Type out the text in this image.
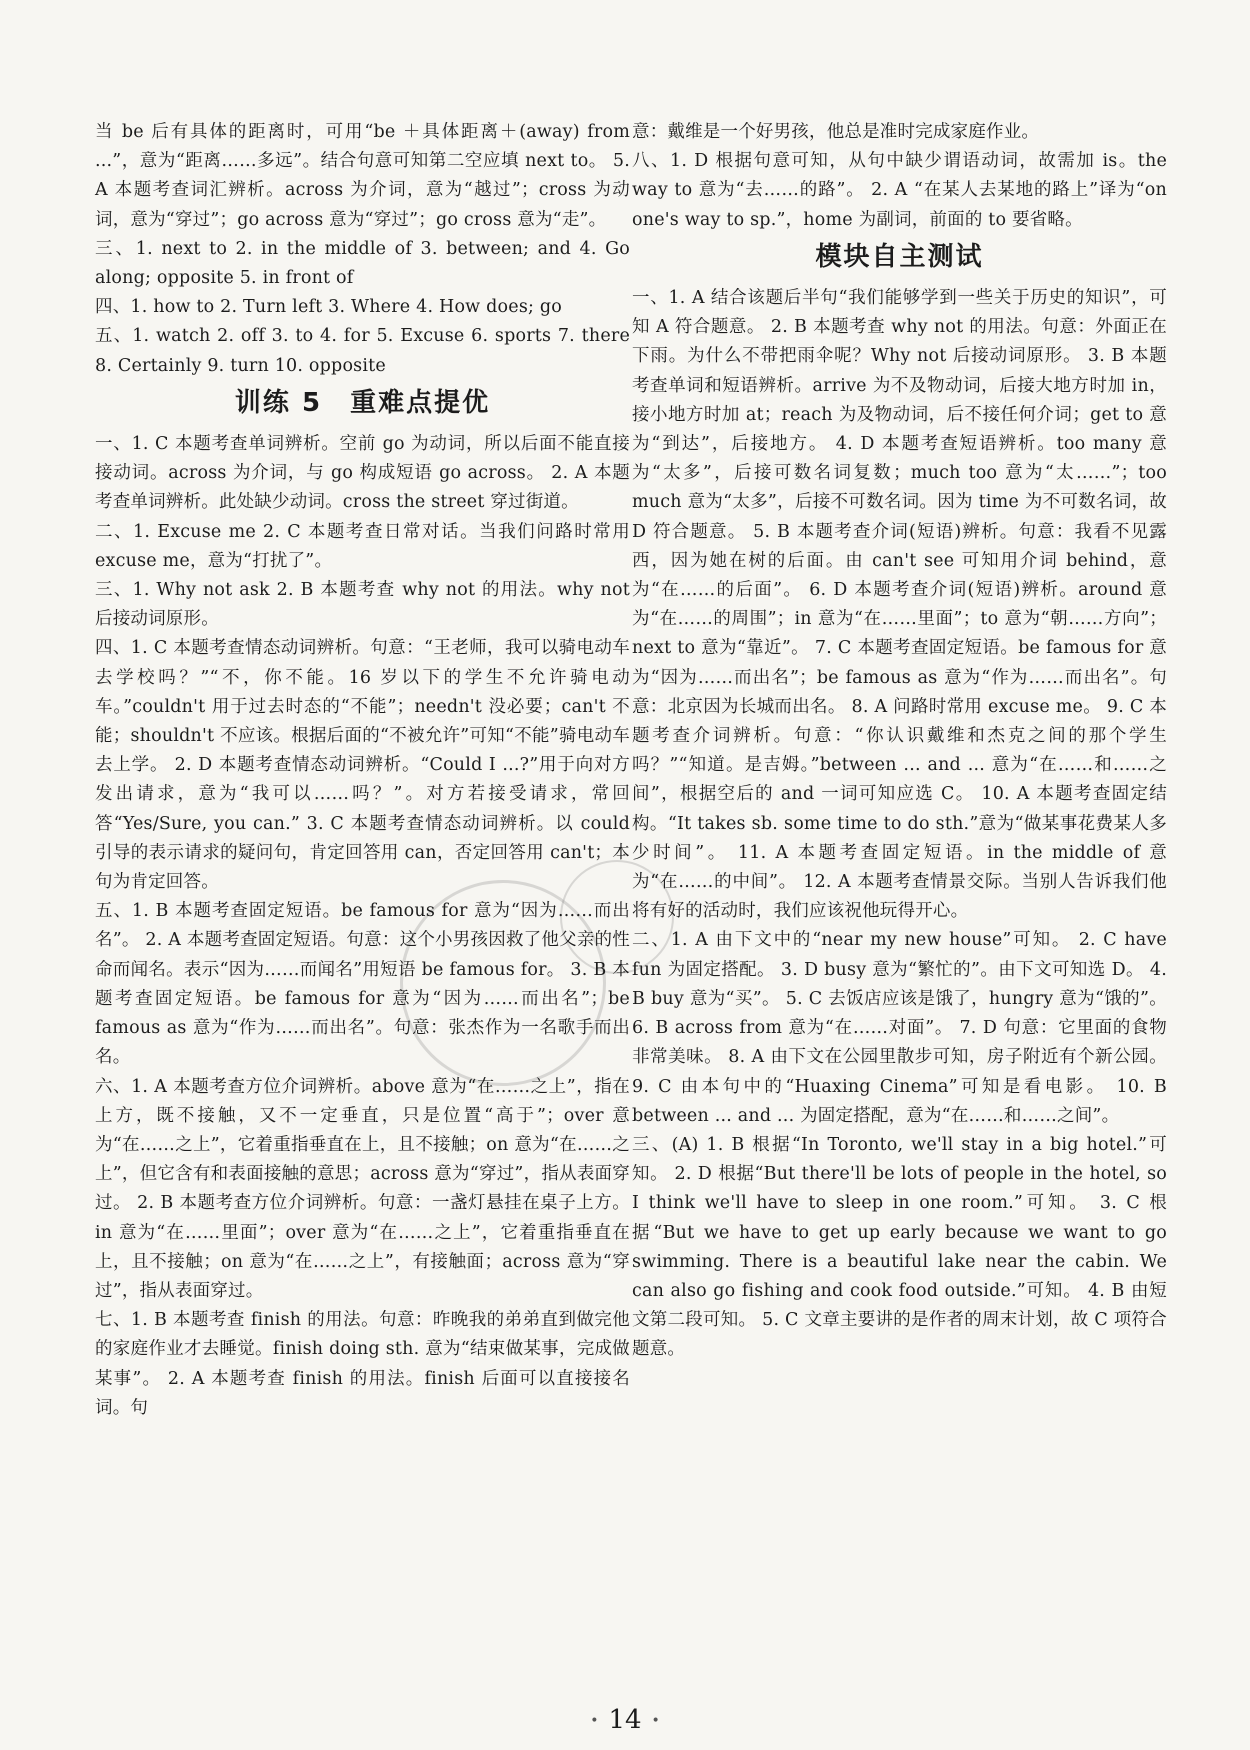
当 be 后有具体的距离时，可用“be ＋具体距离＋(away) from ...”，意为“距离……多远”。结合句意可知第二空应填 next to。 5. A 本题考查词汇辨析。across 为介词，意为“越过”；cross 为动词，意为“穿过”；go across 意为“穿过”；go cross 意为“走”。

三、1. next to 2. in the middle of 3. between; and 4. Go along; opposite 5. in front of

四、1. how to 2. Turn left 3. Where 4. How does; go

五、1. watch 2. off 3. to 4. for 5. Excuse 6. sports 7. there 8. Certainly 9. turn 10. opposite

训练 5　重难点提优

一、1. C 本题考查单词辨析。空前 go 为动词，所以后面不能直接接动词。across 为介词，与 go 构成短语 go across。 2. A 本题考查单词辨析。此处缺少动词。cross the street 穿过街道。

二、1. Excuse me 2. C 本题考查日常对话。当我们问路时常用 excuse me，意为“打扰了”。

三、1. Why not ask 2. B 本题考查 why not 的用法。why not 后接动词原形。

四、1. C 本题考查情态动词辨析。句意：“王老师，我可以骑电动车去学校吗？”“不，你不能。16 岁以下的学生不允许骑电动车。”couldn't 用于过去时态的“不能”；needn't 没必要；can't 不能；shouldn't 不应该。根据后面的“不被允许”可知“不能”骑电动车去上学。 2. D 本题考查情态动词辨析。“Could I ...?”用于向对方发出请求，意为“我可以……吗？”。对方若接受请求，常回答“Yes/Sure, you can.” 3. C 本题考查情态动词辨析。以 could 引导的表示请求的疑问句，肯定回答用 can，否定回答用 can't；本句为肯定回答。

五、1. B 本题考查固定短语。be famous for 意为“因为……而出名”。 2. A 本题考查固定短语。句意：这个小男孩因救了他父亲的性命而闻名。表示“因为……而闻名”用短语 be famous for。 3. B 本题考查固定短语。be famous for 意为“因为……而出名”；be famous as 意为“作为……而出名”。句意：张杰作为一名歌手而出名。

六、1. A 本题考查方位介词辨析。above 意为“在……之上”，指在上方，既不接触，又不一定垂直，只是位置“高于”；over 意为“在……之上”，它着重指垂直在上，且不接触；on 意为“在……之上”，但它含有和表面接触的意思；across 意为“穿过”，指从表面穿过。 2. B 本题考查方位介词辨析。句意：一盏灯悬挂在桌子上方。in 意为“在……里面”；over 意为“在……之上”，它着重指垂直在上，且不接触；on 意为“在……之上”，有接触面；across 意为“穿过”，指从表面穿过。

七、1. B 本题考查 finish 的用法。句意：昨晚我的弟弟直到做完他的家庭作业才去睡觉。finish doing sth. 意为“结束做某事，完成做某事”。 2. A 本题考查 finish 的用法。finish 后面可以直接接名词。句

意：戴维是一个好男孩，他总是准时完成家庭作业。

八、1. D 根据句意可知，从句中缺少谓语动词，故需加 is。the way to 意为“去……的路”。 2. A “在某人去某地的路上”译为“on one's way to sp.”，home 为副词，前面的 to 要省略。

模块自主测试

一、1. A 结合该题后半句“我们能够学到一些关于历史的知识”，可知 A 符合题意。 2. B 本题考查 why not 的用法。句意：外面正在下雨。为什么不带把雨伞呢？Why not 后接动词原形。 3. B 本题考查单词和短语辨析。arrive 为不及物动词，后接大地方时加 in，接小地方时加 at；reach 为及物动词，后不接任何介词；get to 意为“到达”，后接地方。 4. D 本题考查短语辨析。too many 意为“太多”，后接可数名词复数；much too 意为“太……”；too much 意为“太多”，后接不可数名词。因为 time 为不可数名词，故 D 符合题意。 5. B 本题考查介词(短语)辨析。句意：我看不见露西，因为她在树的后面。由 can't see 可知用介词 behind，意为“在……的后面”。 6. D 本题考查介词(短语)辨析。around 意为“在……的周围”；in 意为“在……里面”；to 意为“朝……方向”；next to 意为“靠近”。 7. C 本题考查固定短语。be famous for 意为“因为……而出名”；be famous as 意为“作为……而出名”。句意：北京因为长城而出名。 8. A 问路时常用 excuse me。 9. C 本题考查介词辨析。句意：“你认识戴维和杰克之间的那个学生吗？”“知道。是吉姆。”between ... and ... 意为“在……和……之间”，根据空后的 and 一词可知应选 C。 10. A 本题考查固定结构。“It takes sb. some time to do sth.”意为“做某事花费某人多少时间”。 11. A 本题考查固定短语。in the middle of 意为“在……的中间”。 12. A 本题考查情景交际。当别人告诉我们他将有好的活动时，我们应该祝他玩得开心。

二、1. A 由下文中的“near my new house”可知。 2. C have fun 为固定搭配。 3. D busy 意为“繁忙的”。由下文可知选 D。 4. B buy 意为“买”。 5. C 去饭店应该是饿了，hungry 意为“饿的”。 6. B across from 意为“在……对面”。 7. D 句意：它里面的食物非常美味。 8. A 由下文在公园里散步可知，房子附近有个新公园。 9. C 由本句中的“Huaxing Cinema”可知是看电影。 10. B between ... and ... 为固定搭配，意为“在……和……之间”。

三、(A) 1. B 根据“In Toronto, we'll stay in a big hotel.”可知。 2. D 根据“But there'll be lots of people in the hotel, so I think we'll have to sleep in one room.”可知。 3. C 根据“But we have to get up early because we want to go swimming. There is a beautiful lake near the cabin. We can also go fishing and cook food outside.”可知。 4. B 由短文第二段可知。 5. C 文章主要讲的是作者的周末计划，故 C 项符合题意。

• 14 •
